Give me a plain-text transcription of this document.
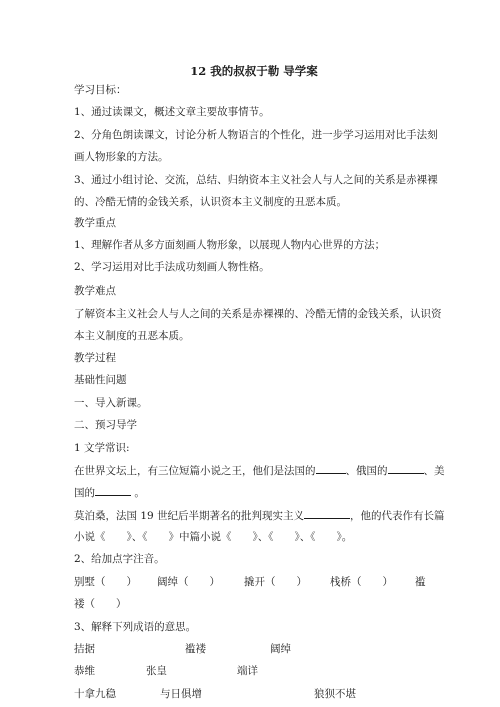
12 我的叔叔于勒 导学案
学习目标：
1、通过读课文，概述文章主要故事情节。
2、分角色朗读课文，讨论分析人物语言的个性化，进一步学习运用对比手法刻
画人物形象的方法。
3、通过小组讨论、交流，总结、归纳资本主义社会人与人之间的关系是赤裸裸
的、冷酷无情的金钱关系，认识资本主义制度的丑恶本质。
教学重点
1、理解作者从多方面刻画人物形象，以展现人物内心世界的方法；
2、学习运用对比手法成功刻画人物性格。
教学难点
了解资本主义社会人与人之间的关系是赤裸裸的、冷酷无情的金钱关系，认识资
本主义制度的丑恶本质。
教学过程
基础性问题
一、导入新课。
二、预习导学
1 文学常识:
在世界文坛上，有三位短篇小说之王，他们是法国的	、俄国的	、美
国的	。
莫泊桑，法国 19 世纪后半期著名的批判现实主义	，他的代表作有长篇
小说《　　》、《　　》中篇小说《　　》、《　　》、《　　》。
2、给加点字注音。
别墅（　　） 阔绰（　　） 撬开（　　） 栈桥（　　） 褴
褛（　　）
3、解释下列成语的意思。
拮据	褴褛	阔绰
恭维	张皇	端详
十拿九稳	与日俱增	狼狈不堪
